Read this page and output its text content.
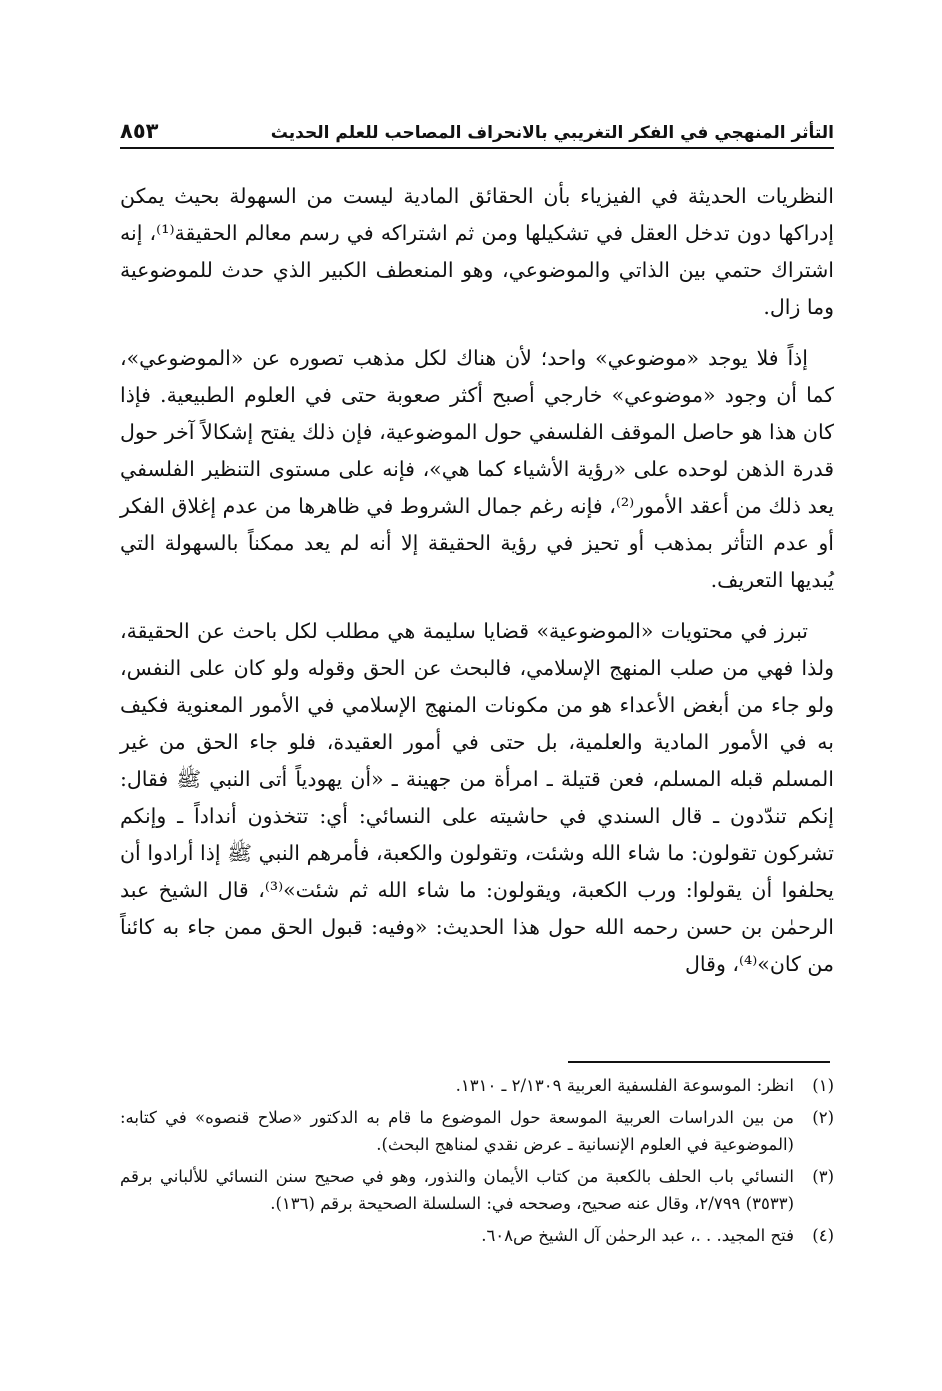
التأثر المنهجي في الفكر التغريبي بالانحراف المصاحب للعلم الحديث
٨٥٣

النظريات الحديثة في الفيزياء بأن الحقائق المادية ليست من السهولة بحيث يمكن إدراكها دون تدخل العقل في تشكيلها ومن ثم اشتراكه في رسم معالم الحقيقة⁽¹⁾، إنه اشتراك حتمي بين الذاتي والموضوعي، وهو المنعطف الكبير الذي حدث للموضوعية وما زال.

إذاً فلا يوجد «موضوعي» واحد؛ لأن هناك لكل مذهب تصوره عن «الموضوعي»، كما أن وجود «موضوعي» خارجي أصبح أكثر صعوبة حتى في العلوم الطبيعية. فإذا كان هذا هو حاصل الموقف الفلسفي حول الموضوعية، فإن ذلك يفتح إشكالاً آخر حول قدرة الذهن لوحده على «رؤية الأشياء كما هي»، فإنه على مستوى التنظير الفلسفي يعد ذلك من أعقد الأمور⁽²⁾، فإنه رغم جمال الشروط في ظاهرها من عدم إغلاق الفكر أو عدم التأثر بمذهب أو تحيز في رؤية الحقيقة إلا أنه لم يعد ممكناً بالسهولة التي يُبديها التعريف.

تبرز في محتويات «الموضوعية» قضايا سليمة هي مطلب لكل باحث عن الحقيقة، ولذا فهي من صلب المنهج الإسلامي، فالبحث عن الحق وقوله ولو كان على النفس، ولو جاء من أبغض الأعداء هو من مكونات المنهج الإسلامي في الأمور المعنوية فكيف به في الأمور المادية والعلمية، بل حتى في أمور العقيدة، فلو جاء الحق من غير المسلم قبله المسلم، فعن قتيلة ـ امرأة من جهينة ـ «أن يهودياً أتى النبي ﷺ فقال: إنكم تندّدون ـ قال السندي في حاشيته على النسائي: أي: تتخذون أنداداً ـ وإنكم تشركون تقولون: ما شاء الله وشئت، وتقولون والكعبة، فأمرهم النبي ﷺ إذا أرادوا أن يحلفوا أن يقولوا: ورب الكعبة، ويقولون: ما شاء الله ثم شئت»⁽³⁾، قال الشيخ عبد الرحمٰن بن حسن رحمه الله حول هذا الحديث: «وفيه: قبول الحق ممن جاء به كائناً من كان»⁽⁴⁾، وقال

(١)
انظر: الموسوعة الفلسفية العربية ٢/١٣٠٩ ـ ١٣١٠.
(٢)
من بين الدراسات العربية الموسعة حول الموضوع ما قام به الدكتور «صلاح قنصوه» في كتابه: (الموضوعية في العلوم الإنسانية ـ عرض نقدي لمناهج البحث).
(٣)
النسائي باب الحلف بالكعبة من كتاب الأيمان والنذور، وهو في صحيح سنن النسائي للألباني برقم (٣٥٣٣) ٢/٧٩٩، وقال عنه صحيح، وصححه في: السلسلة الصحيحة برقم (١٣٦).
(٤)
فتح المجيد. . .، عبد الرحمٰن آل الشيخ ص٦٠٨.
